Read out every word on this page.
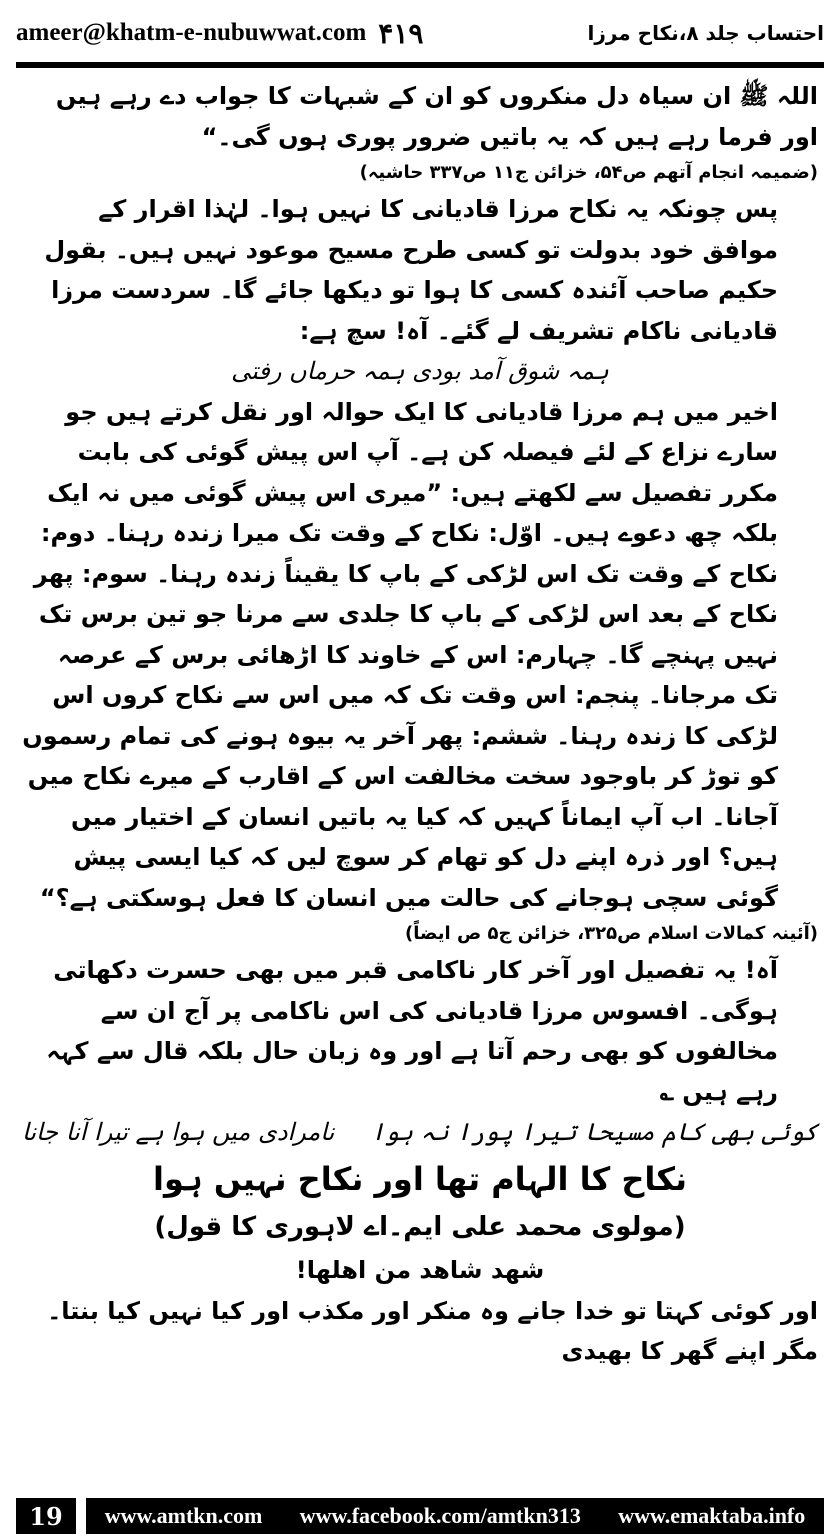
ameer@khatm-e-nubuwwat.com ۴۱۹	احتساب جلد ۸،نکاح مرزا

اللہ ﷺ ان سیاہ دل منکروں کو ان کے شبہات کا جواب دے رہے ہیں اور فرما رہے ہیں کہ یہ باتیں ضرور پوری ہوں گی۔“

(ضمیمہ انجام آتھم ص۵۴، خزائن ج۱۱ ص۳۳۷ حاشیہ)

پس چونکہ یہ نکاح مرزا قادیانی کا نہیں ہوا۔ لہٰذا اقرار کے موافق خود بدولت تو کسی طرح مسیح موعود نہیں ہیں۔ بقول حکیم صاحب آئندہ کسی کا ہوا تو دیکھا جائے گا۔ سردست مرزا قادیانی ناکام تشریف لے گئے۔ آہ! سچ ہے:

ہمہ شوق آمد بودی ہمہ حرماں رفتی

اخیر میں ہم مرزا قادیانی کا ایک حوالہ اور نقل کرتے ہیں جو سارے نزاع کے لئے فیصلہ کن ہے۔ آپ اس پیش گوئی کی بابت مکرر تفصیل سے لکھتے ہیں: ”میری اس پیش گوئی میں نہ ایک بلکہ چھ دعوے ہیں۔ اوّل: نکاح کے وقت تک میرا زندہ رہنا۔ دوم: نکاح کے وقت تک اس لڑکی کے باپ کا یقیناً زندہ رہنا۔ سوم: پھر نکاح کے بعد اس لڑکی کے باپ کا جلدی سے مرنا جو تین برس تک نہیں پہنچے گا۔ چہارم: اس کے خاوند کا اڑھائی برس کے عرصہ تک مرجانا۔ پنجم: اس وقت تک کہ میں اس سے نکاح کروں اس لڑکی کا زندہ رہنا۔ ششم: پھر آخر یہ بیوہ ہونے کی تمام رسموں کو توڑ کر باوجود سخت مخالفت اس کے اقارب کے میرے نکاح میں آجانا۔ اب آپ ایماناً کہیں کہ کیا یہ باتیں انسان کے اختیار میں ہیں؟ اور ذرہ اپنے دل کو تھام کر سوچ لیں کہ کیا ایسی پیش گوئی سچی ہوجانے کی حالت میں انسان کا فعل ہوسکتی ہے؟“

(آئینہ کمالات اسلام ص۳۲۵، خزائن ج۵ ص ایضاً)

آہ! یہ تفصیل اور آخر کار ناکامی قبر میں بھی حسرت دکھاتی ہوگی۔ افسوس مرزا قادیانی کی اس ناکامی پر آج ان سے مخالفوں کو بھی رحم آتا ہے اور وہ زبان حال بلکہ قال سے کہہ رہے ہیں ؎

کوئی بھی کام مسیحا تیرا پورا نہ ہوا
نامرادی میں ہوا ہے تیرا آنا جانا

نکاح کا الہام تھا اور نکاح نہیں ہوا

(مولوی محمد علی ایم۔اے لاہوری کا قول)

شهد شاهد من اهلها!

اور کوئی کہتا تو خدا جانے وہ منکر اور مکذب اور کیا نہیں کیا بنتا۔ مگر اپنے گھر کا بھیدی

19	www.amtkn.com www.facebook.com/amtkn313 www.emaktaba.info
